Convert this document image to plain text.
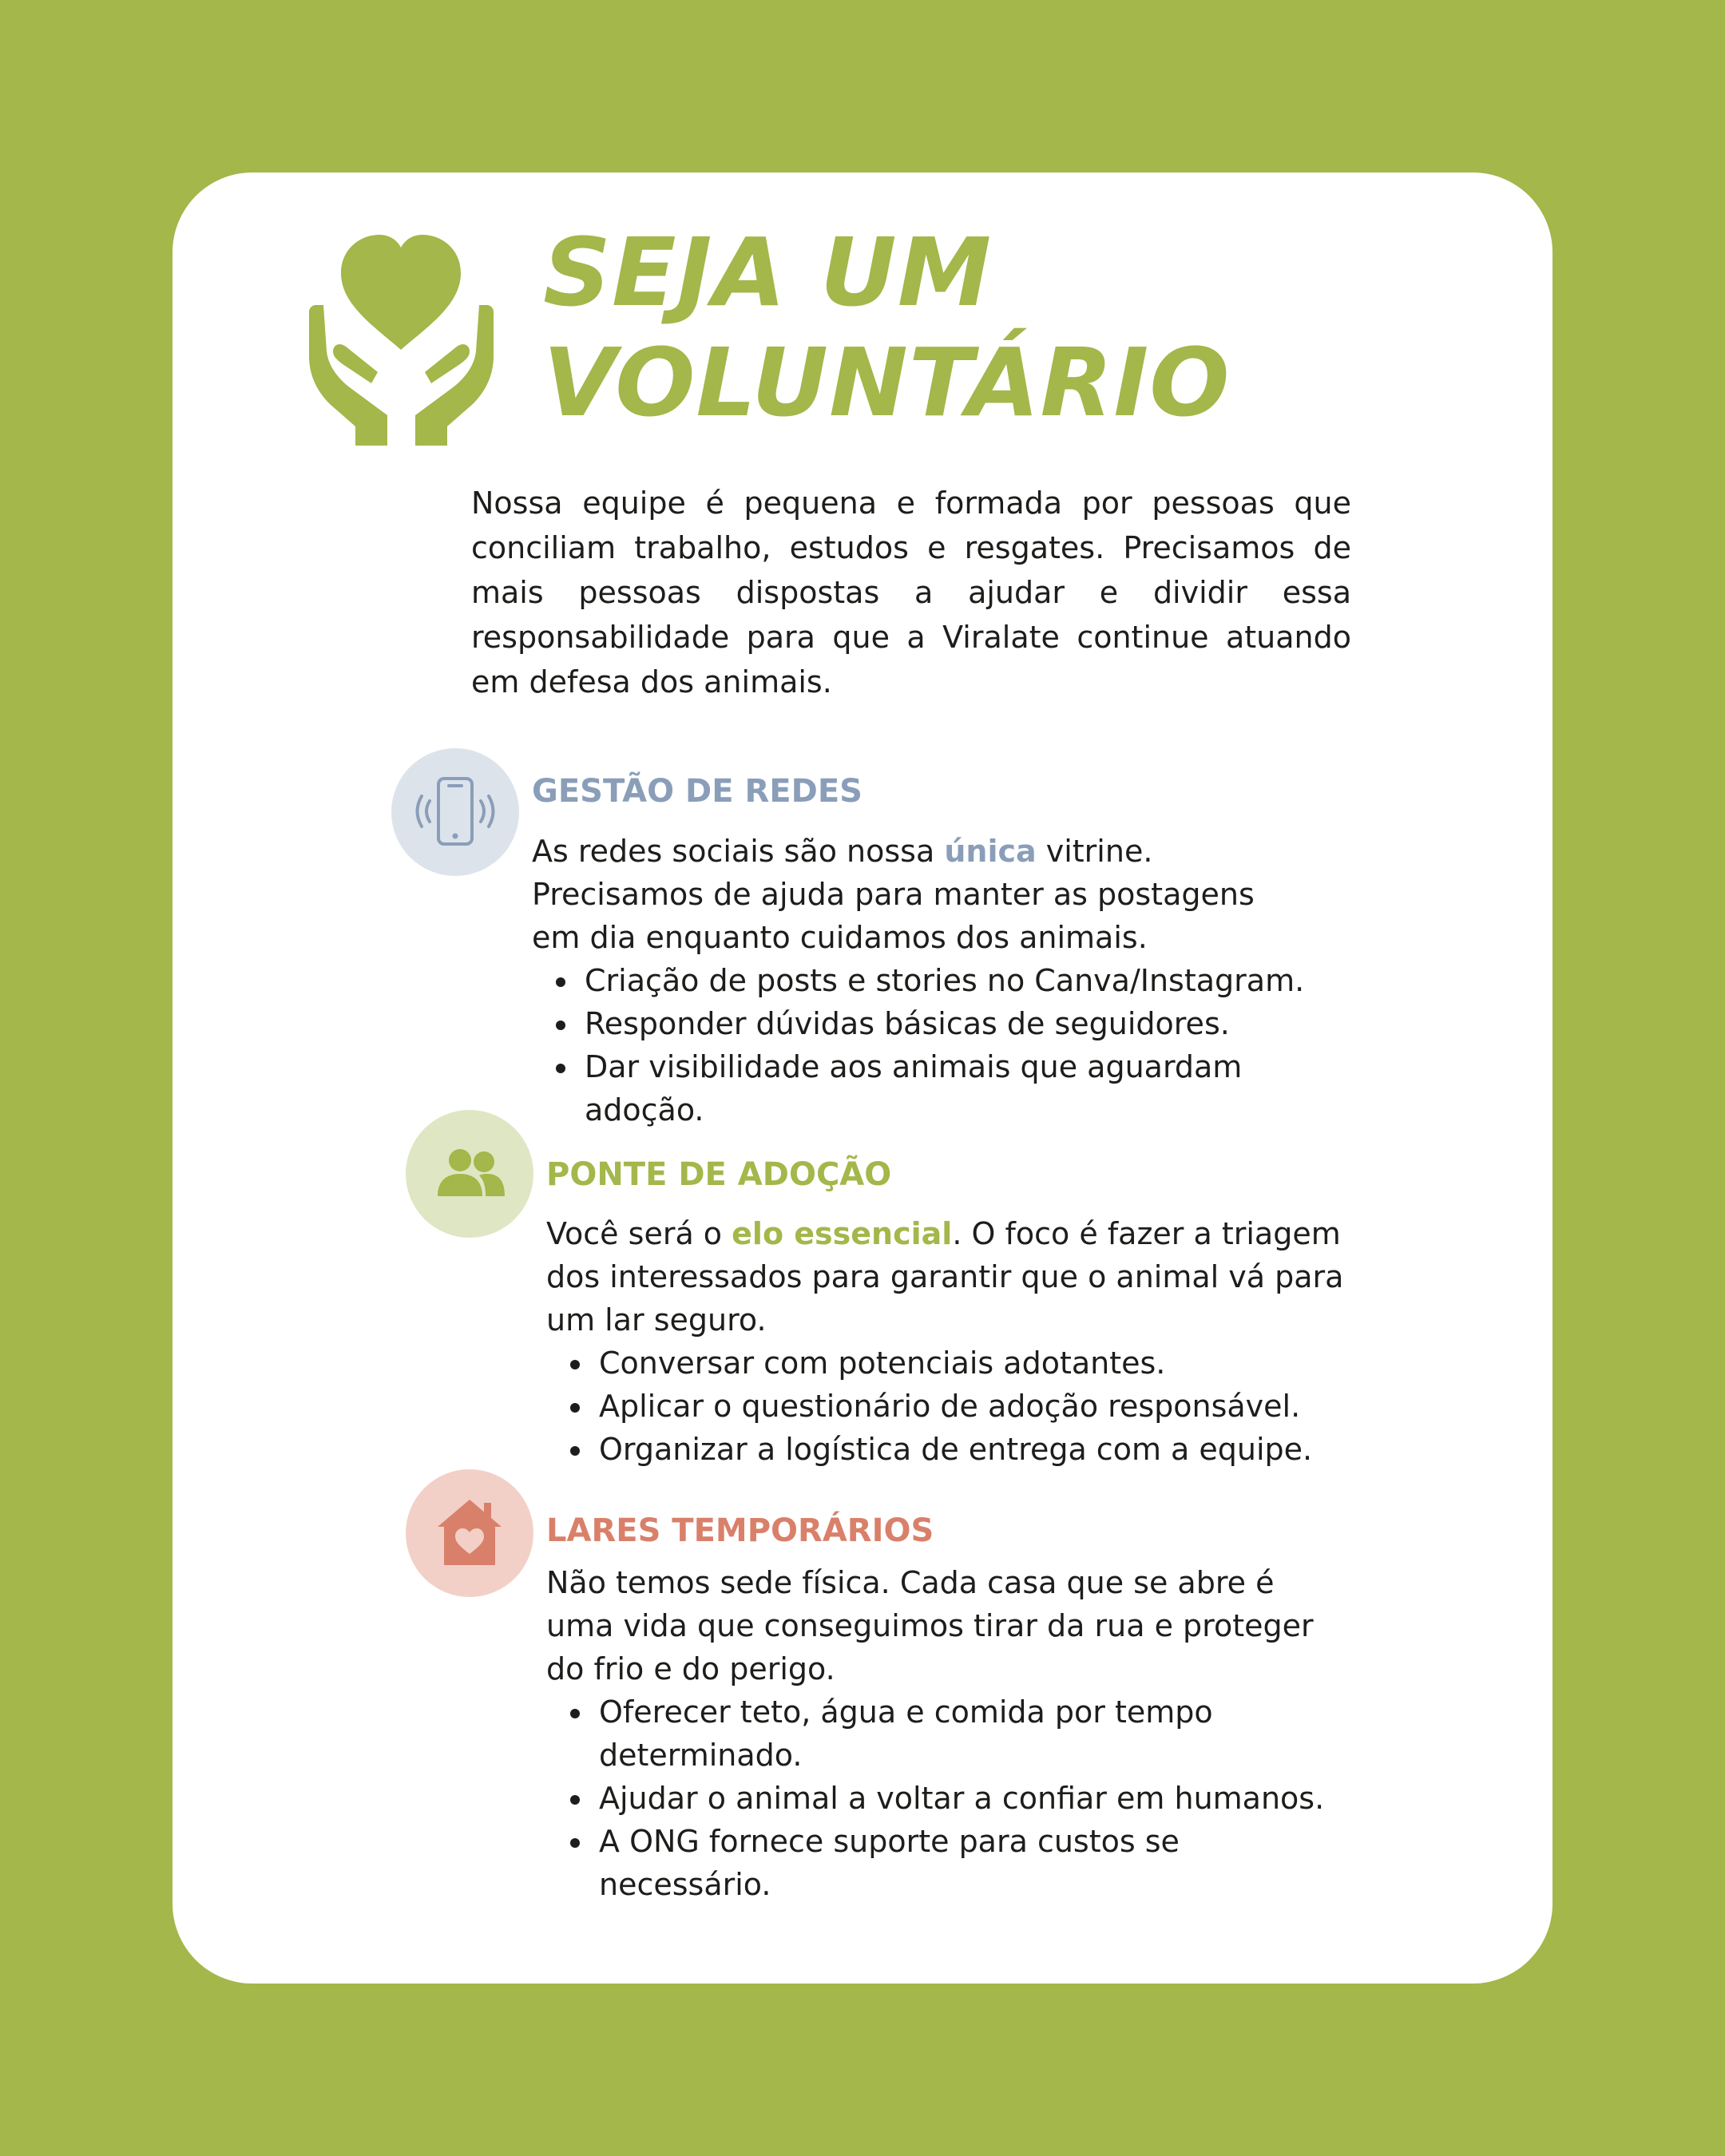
SEJA UM
VOLUNTÁRIO

Nossa equipe é pequena e formada por pessoas que conciliam trabalho, estudos e resgates. Precisamos de mais pessoas dispostas a ajudar e dividir essa responsabilidade para que a Viralate continue atuando em defesa dos animais.

GESTÃO DE REDES

As redes sociais são nossa única vitrine. Precisamos de ajuda para manter as postagens em dia enquanto cuidamos dos animais.

Criação de posts e stories no Canva/Instagram.
Responder dúvidas básicas de seguidores.
Dar visibilidade aos animais que aguardam adoção.
PONTE DE ADOÇÃO

Você será o elo essencial. O foco é fazer a triagem dos interessados para garantir que o animal vá para um lar seguro.

Conversar com potenciais adotantes.
Aplicar o questionário de adoção responsável.
Organizar a logística de entrega com a equipe.
LARES TEMPORÁRIOS

Não temos sede física. Cada casa que se abre é uma vida que conseguimos tirar da rua e proteger do frio e do perigo.

Oferecer teto, água e comida por tempo determinado.
Ajudar o animal a voltar a confiar em humanos.
A ONG fornece suporte para custos se necessário.
